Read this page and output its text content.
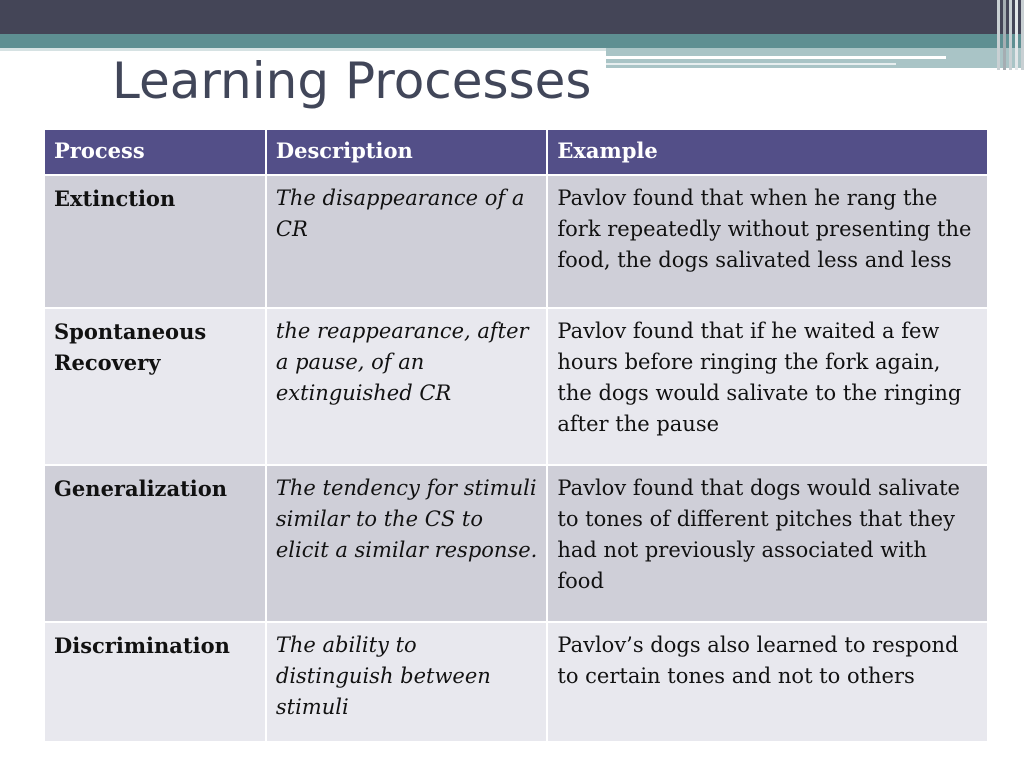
Learning Processes
Process	Description	Example
Extinction	The disappearance of a CR	Pavlov found that when he rang the fork repeatedly without presenting the food, the dogs salivated less and less
Spontaneous Recovery	the reappearance, after a pause, of an extinguished CR	Pavlov found that if he waited a few hours before ringing the fork again, the dogs would salivate to the ringing after the pause
Generalization	The tendency for stimuli similar to the CS to elicit a similar response.	Pavlov found that dogs would salivate to tones of different pitches that they had not previously associated with food
Discrimination	The ability to distinguish between stimuli	Pavlov’s dogs also learned to respond to certain tones and not to others
